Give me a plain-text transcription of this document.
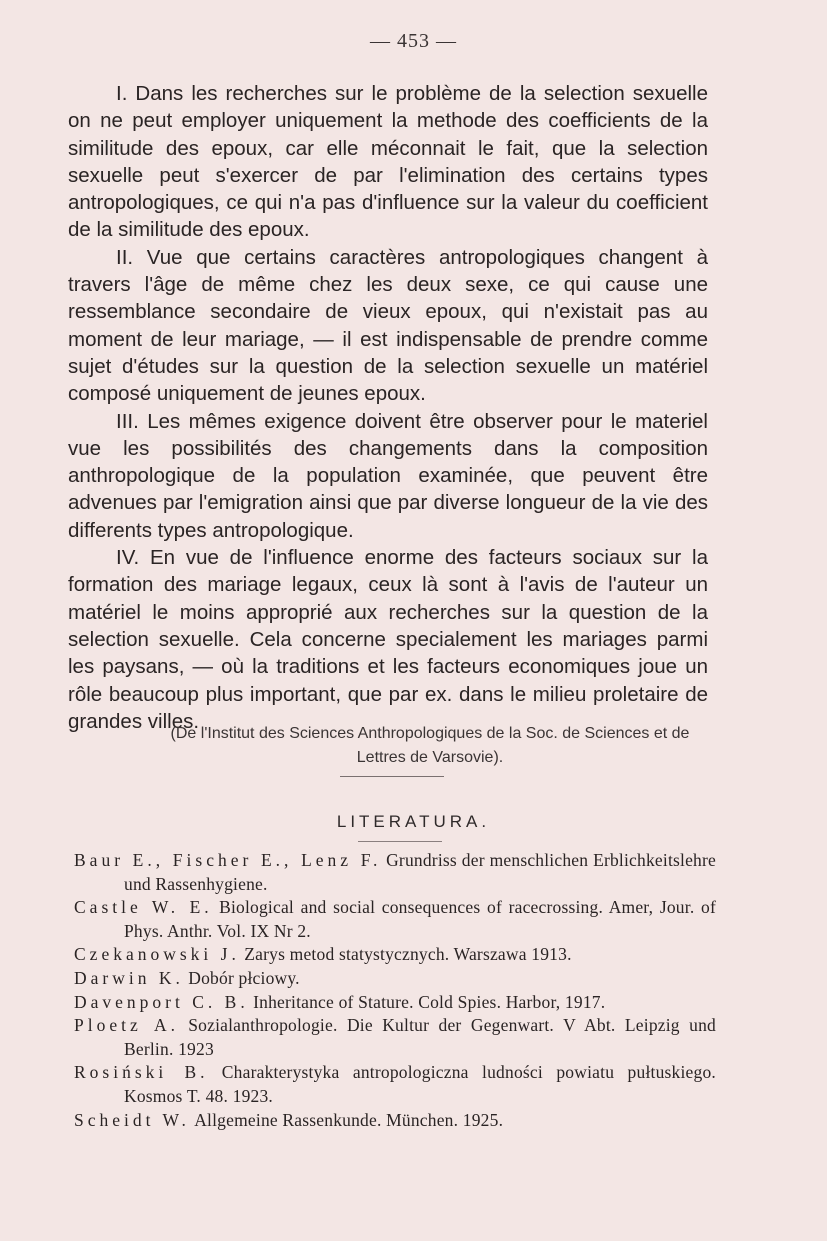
— 453 —

I. Dans les recherches sur le problème de la selection sexuelle on ne peut employer uniquement la methode des coefficients de la similitude des epoux, car elle méconnait le fait, que la selection sexuelle peut s'exercer de par l'elimination des certains types antropologiques, ce qui n'a pas d'influence sur la valeur du coefficient de la similitude des epoux.

II. Vue que certains caractères antropologiques changent à travers l'âge de même chez les deux sexe, ce qui cause une ressemblance secondaire de vieux epoux, qui n'existait pas au moment de leur mariage, — il est indispensable de prendre comme sujet d'études sur la question de la selection sexuelle un matériel composé uniquement de jeunes epoux.

III. Les mêmes exigence doivent être observer pour le materiel vue les possibilités des changements dans la composition anthropologique de la population examinée, que peuvent être advenues par l'emigration ainsi que par diverse longueur de la vie des differents types antropologique.

IV. En vue de l'influence enorme des facteurs sociaux sur la formation des mariage legaux, ceux là sont à l'avis de l'auteur un matériel le moins approprié aux recherches sur la question de la selection sexuelle. Cela concerne specialement les mariages parmi les paysans, — où la traditions et les facteurs economiques joue un rôle beaucoup plus important, que par ex. dans le milieu proletaire de grandes villes.

(De l'Institut des Sciences Anthropologiques de la Soc. de Sciences et de Lettres de Varsovie).
LITERATURA.
Baur E., Fischer E., Lenz F. Grundriss der menschlichen Erblichkeitslehre und Rassenhygiene.
Castle W. E. Biological and social consequences of racecrossing. Amer, Jour. of Phys. Anthr. Vol. IX Nr 2.
Czekanowski J. Zarys metod statystycznych. Warszawa 1913.
Darwin K. Dobór płciowy.
Davenport C. B. Inheritance of Stature. Cold Spies. Harbor, 1917.
Ploetz A. Sozialanthropologie. Die Kultur der Gegenwart. V Abt. Leipzig und Berlin. 1923
Rosiński B. Charakterystyka antropologiczna ludności powiatu pułtuskiego. Kosmos T. 48. 1923.
Scheidt W. Allgemeine Rassenkunde. München. 1925.
